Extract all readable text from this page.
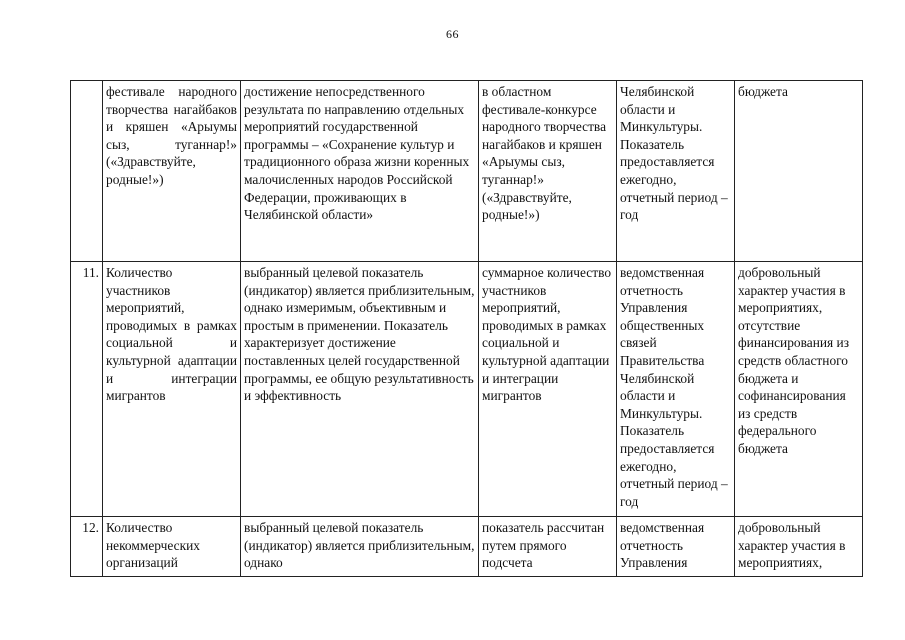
66
	фестивале народного творчества нагайбаков и кряшен «Арыумы сыз, туганнар!» («Здравствуйте, родные!»)	достижение непосредственного результата по направлению отдельных мероприятий государственной программы – «Сохранение культур и традиционного образа жизни коренных малочисленных народов Российской Федерации, проживающих в Челябинской области»	в областном фестивале-конкурсе народного творчества нагайбаков и кряшен «Арыумы сыз, туганнар!» («Здравствуйте, родные!»)	Челябинской области и Минкультуры. Показатель предоставляется ежегодно, отчетный период – год	бюджета
11.	Количество участников мероприятий, проводимых в рамках социальной и культурной адаптации и интеграции мигрантов	выбранный целевой показатель (индикатор) является приблизительным, однако измеримым, объективным и простым в применении. Показатель характеризует достижение поставленных целей государственной программы, ее общую результативность и эффективность	суммарное количество участников мероприятий, проводимых в рамках социальной и культурной адаптации и интеграции мигрантов	ведомственная отчетность Управления общественных связей Правительства Челябинской области и Минкультуры. Показатель предоставляется ежегодно, отчетный период – год	добровольный характер участия в мероприятиях, отсутствие финансирования из средств областного бюджета и софинансирования из средств федерального бюджета
12.	Количество некоммерческих организаций	выбранный целевой показатель (индикатор) является приблизительным, однако	показатель рассчитан путем прямого подсчета	ведомственная отчетность Управления	добровольный характер участия в мероприятиях,
